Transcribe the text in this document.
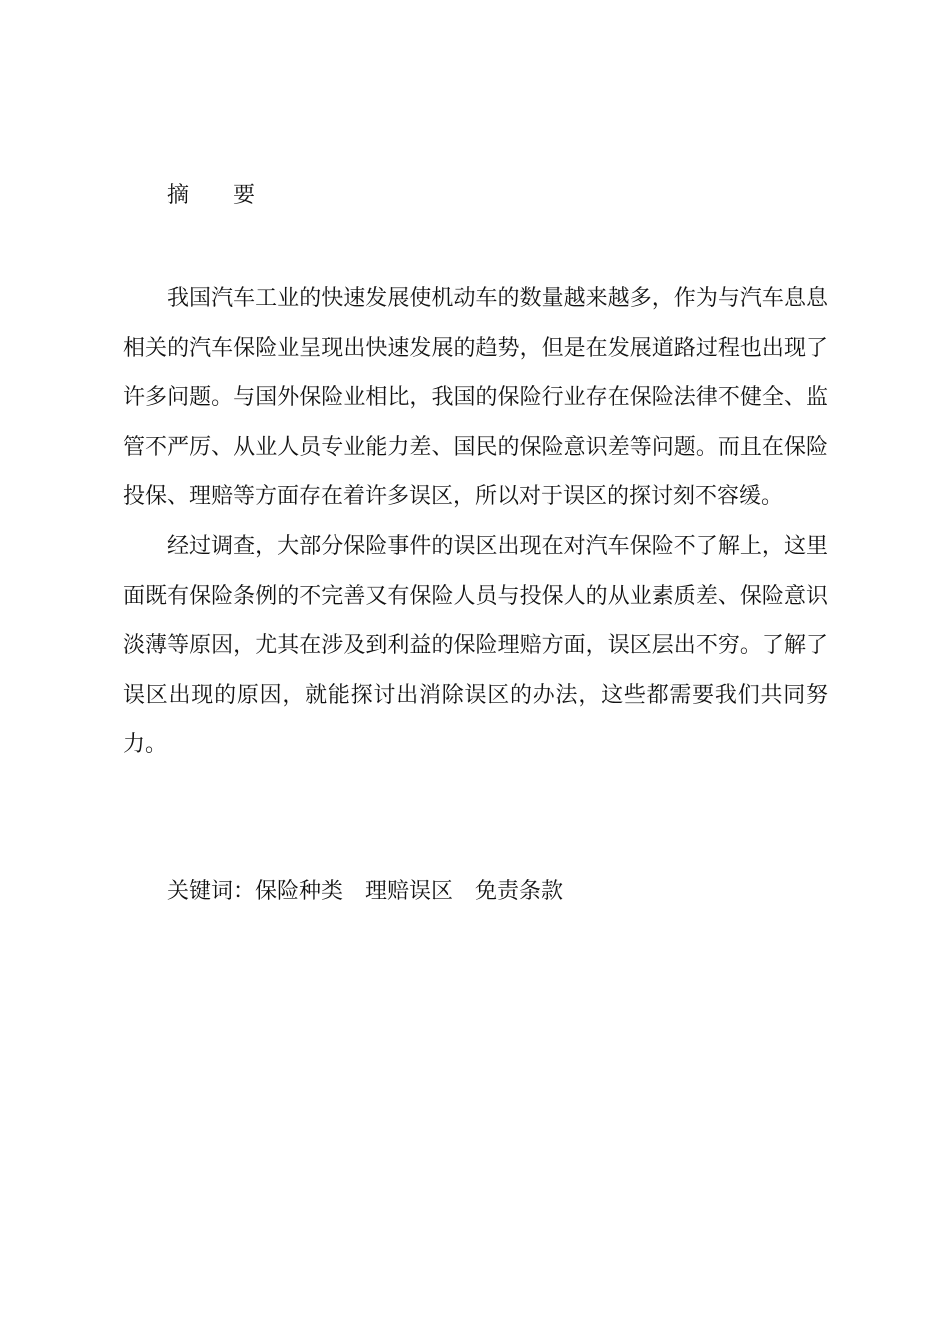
摘　　要

我国汽车工业的快速发展使机动车的数量越来越多，作为与汽车息息相关的汽车保险业呈现出快速发展的趋势，但是在发展道路过程也出现了许多问题。与国外保险业相比，我国的保险行业存在保险法律不健全、监管不严厉、从业人员专业能力差、国民的保险意识差等问题。而且在保险投保、理赔等方面存在着许多误区，所以对于误区的探讨刻不容缓。

经过调查，大部分保险事件的误区出现在对汽车保险不了解上，这里面既有保险条例的不完善又有保险人员与投保人的从业素质差、保险意识淡薄等原因，尤其在涉及到利益的保险理赔方面，误区层出不穷。了解了误区出现的原因，就能探讨出消除误区的办法，这些都需要我们共同努力。

关键词：保险种类　理赔误区　免责条款
